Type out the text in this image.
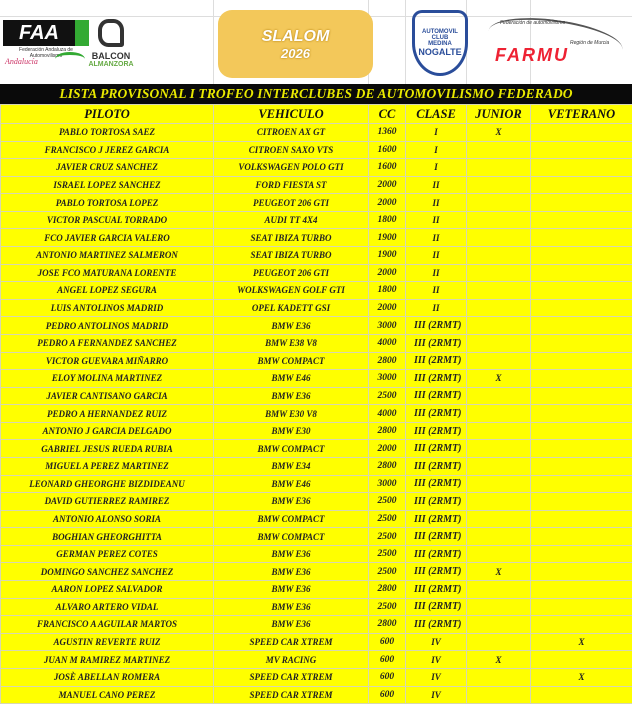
FAA
Federación Andaluza de Automovilismo
Andalucía
BALCON
ALMANZORA
SLALOM
2026
AUTOMOVIL CLUB
MEDINA
NOGALTE
Federación de automovilismo
Región de Murcia
FARMU
LISTA PROVISONAL I TROFEO INTERCLUBES DE AUTOMOVILISMO FEDERADO
PILOTO	VEHICULO	CC	CLASE	JUNIOR	VETERANO
PABLO TORTOSA SAEZ	CITROEN AX GT	1360	I	X	
FRANCISCO J JEREZ GARCIA	CITROEN SAXO VTS	1600	I		
JAVIER CRUZ SANCHEZ	VOLKSWAGEN POLO GTI	1600	I		
ISRAEL LOPEZ SANCHEZ	FORD FIESTA ST	2000	II		
PABLO TORTOSA LOPEZ	PEUGEOT 206 GTI	2000	II		
VICTOR PASCUAL TORRADO	AUDI TT 4X4	1800	II		
FCO JAVIER GARCIA VALERO	SEAT IBIZA TURBO	1900	II		
ANTONIO MARTINEZ SALMERON	SEAT IBIZA TURBO	1900	II		
JOSE FCO MATURANA LORENTE	PEUGEOT 206 GTI	2000	II		
ANGEL LOPEZ SEGURA	WOLKSWAGEN GOLF GTI	1800	II		
LUIS ANTOLINOS MADRID	OPEL KADETT GSI	2000	II		
PEDRO ANTOLINOS MADRID	BMW E36	3000	III (2RMT)		
PEDRO A FERNANDEZ SANCHEZ	BMW E38 V8	4000	III (2RMT)		
VICTOR GUEVARA MIÑARRO	BMW COMPACT	2800	III (2RMT)		
ELOY MOLINA MARTINEZ	BMW E46	3000	III (2RMT)	X	
JAVIER CANTISANO GARCIA	BMW E36	2500	III (2RMT)		
PEDRO A HERNANDEZ RUIZ	BMW E30 V8	4000	III (2RMT)		
ANTONIO J GARCIA DELGADO	BMW E30	2800	III (2RMT)		
GABRIEL JESUS RUEDA RUBIA	BMW COMPACT	2000	III (2RMT)		
MIGUEL A PEREZ MARTINEZ	BMW E34	2800	III (2RMT)		
LEONARD GHEORGHE BIZDIDEANU	BMW E46	3000	III (2RMT)		
DAVID GUTIERREZ RAMIREZ	BMW E36	2500	III (2RMT)		
ANTONIO ALONSO SORIA	BMW COMPACT	2500	III (2RMT)		
BOGHIAN GHEORGHITTA	BMW COMPACT	2500	III (2RMT)		
GERMAN PEREZ COTES	BMW E36	2500	III (2RMT)		
DOMINGO SANCHEZ SANCHEZ	BMW E36	2500	III (2RMT)	X	
AARON LOPEZ SALVADOR	BMW E36	2800	III (2RMT)		
ALVARO ARTERO VIDAL	BMW E36	2500	III (2RMT)		
FRANCISCO A AGUILAR MARTOS	BMW E36	2800	III (2RMT)		
AGUSTIN REVERTE RUIZ	SPEED CAR XTREM	600	IV		X
JUAN M RAMIREZ MARTINEZ	MV RACING	600	IV	X	
JOSÈ ABELLAN ROMERA	SPEED CAR XTREM	600	IV		X
MANUEL CANO PEREZ	SPEED CAR XTREM	600	IV		
